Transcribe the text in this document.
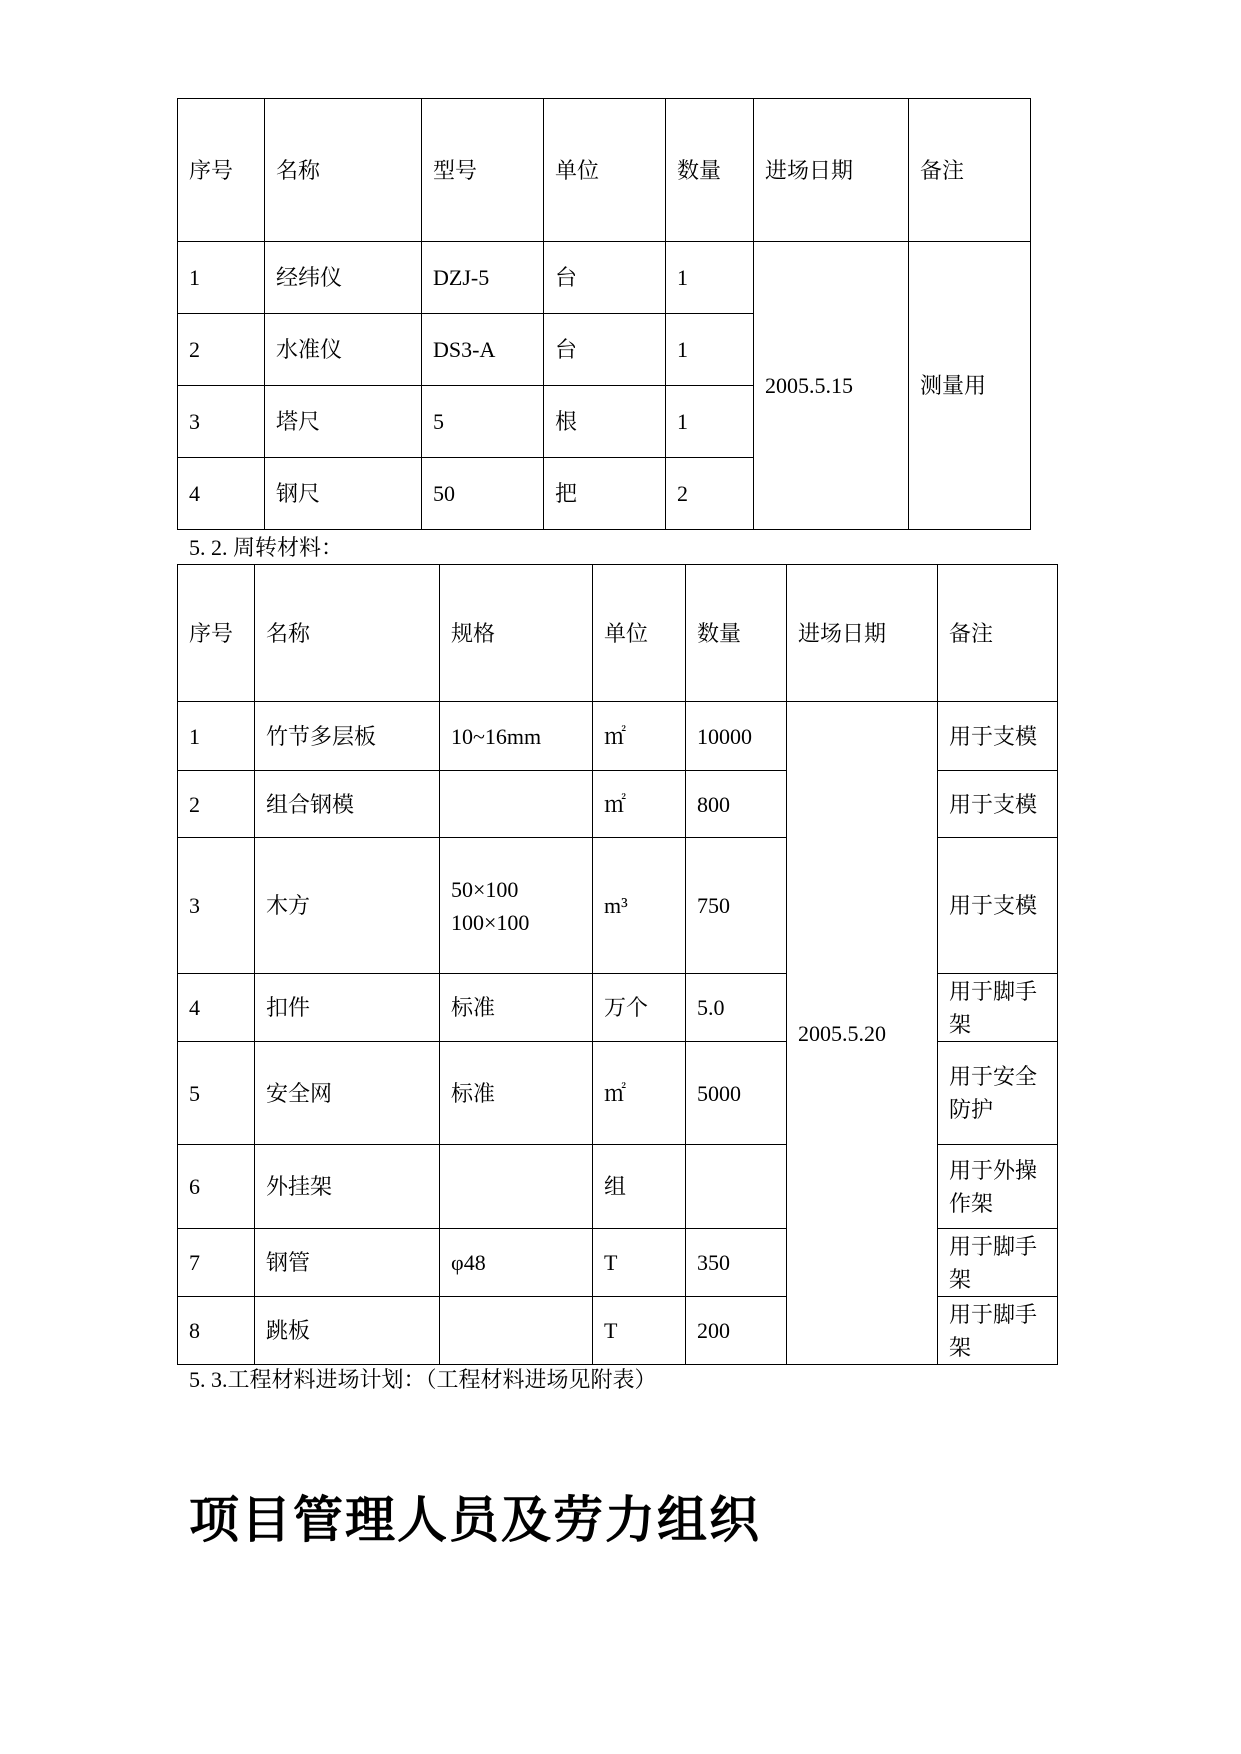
序号	名称	型号	单位	数量	进场日期	备注
1	经纬仪	DZJ-5	台	1	2005.5.15	测量用
2	水准仪	DS3-A	台	1		
3	塔尺	5	根	1		
4	钢尺	50	把	2		
5. 2. 周转材料：
序号	名称	规格	单位	数量	进场日期	备注
1	竹节多层板	10~16mm	㎡	10000	2005.5.20	用于支模
2	组合钢模		㎡	800		用于支模
3	木方	50×100
100×100	m³	750		用于支模
4	扣件	标准	万个	5.0		用于脚手
架
5	安全网	标准	㎡	5000		用于安全
防护
6	外挂架		组			用于外操
作架
7	钢管	φ48	T	350		用于脚手
架
8	跳板		T	200		用于脚手
架
5. 3.工程材料进场计划：（工程材料进场见附表）
项目管理人员及劳力组织
